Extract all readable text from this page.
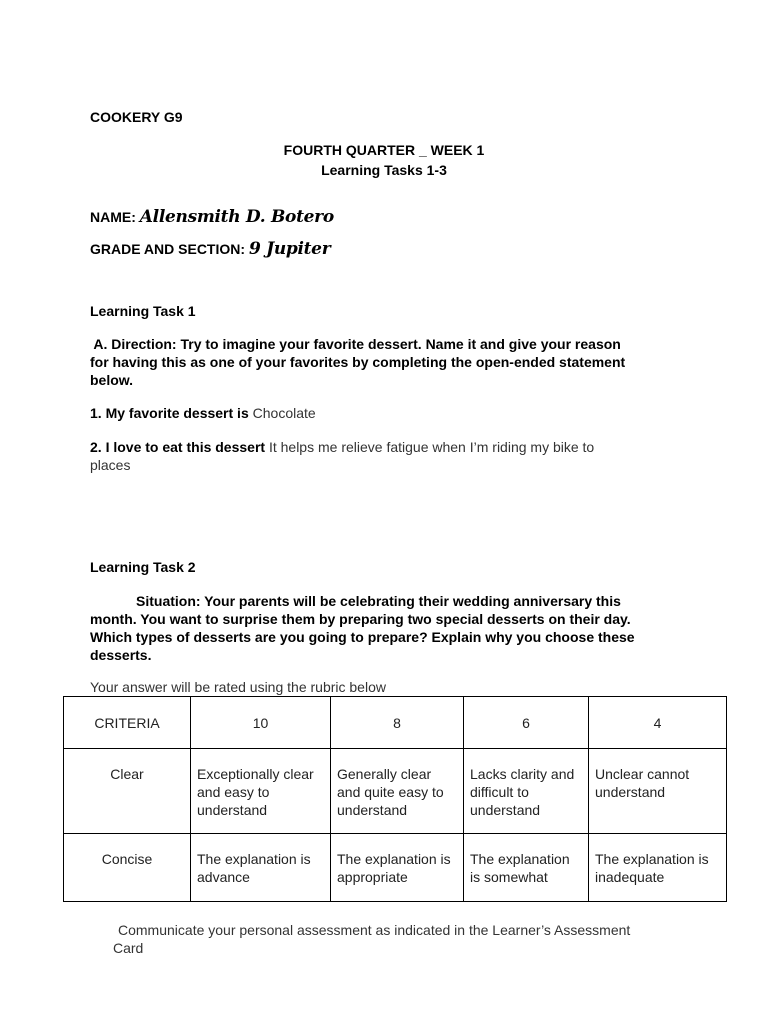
COOKERY G9
FOURTH QUARTER _ WEEK 1
Learning Tasks 1-3
NAME: Allensmith D. Botero
GRADE AND SECTION: 9 Jupiter
Learning Task 1
A. Direction: Try to imagine your favorite dessert. Name it and give your reason
for having this as one of your favorites by completing the open-ended statement
below.
1. My favorite dessert is Chocolate
2. I love to eat this dessert It helps me relieve fatigue when I’m riding my bike to
places
Learning Task 2
Situation: Your parents will be celebrating their wedding anniversary this
month. You want to surprise them by preparing two special desserts on their day.
Which types of desserts are you going to prepare? Explain why you choose these
desserts.
Your answer will be rated using the rubric below
CRITERIA	10	8	6	4
Clear	Exceptionally clear and easy to understand	Generally clear and quite easy to understand	Lacks clarity and difficult to understand	Unclear cannot understand
Concise	The explanation is advance	The explanation is appropriate	The explanation is somewhat	The explanation is inadequate
Communicate your personal assessment as indicated in the Learner’s Assessment
Card
